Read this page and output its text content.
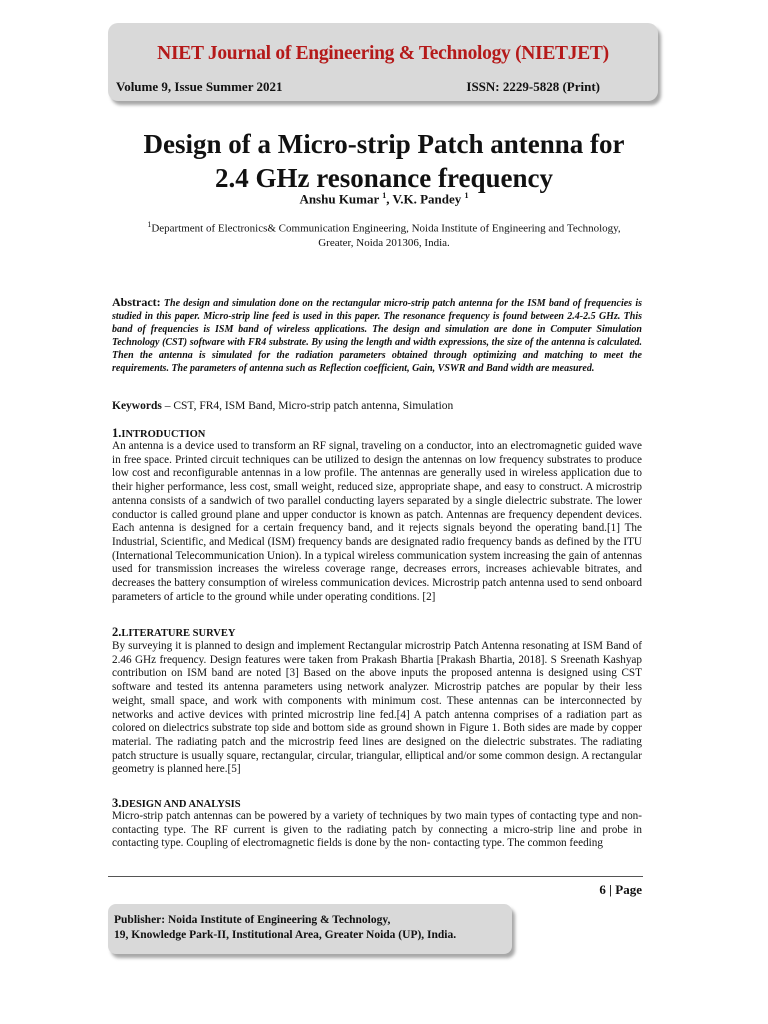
NIET Journal of Engineering & Technology (NIETJET)
Volume 9, Issue Summer 2021	ISSN: 2229-5828 (Print)
Design of a Micro-strip Patch antenna for
2.4 GHz resonance frequency
Anshu Kumar $^1$, V.K. Pandey $^1$
$^1$Department of Electronics& Communication Engineering, Noida Institute of Engineering and Technology,
Greater, Noida 201306, India.
Abstract: The design and simulation done on the rectangular micro-strip patch antenna for the ISM band of frequencies is studied in this paper. Micro-strip line feed is used in this paper. The resonance frequency is found between 2.4-2.5 GHz. This band of frequencies is ISM band of wireless applications. The design and simulation are done in Computer Simulation Technology (CST) software with FR4 substrate. By using the length and width expressions, the size of the antenna is calculated. Then the antenna is simulated for the radiation parameters obtained through optimizing and matching to meet the requirements. The parameters of antenna such as Reflection coefficient, Gain, VSWR and Band width are measured.
Keywords – CST, FR4, ISM Band, Micro-strip patch antenna, Simulation
1.INTRODUCTION
An antenna is a device used to transform an RF signal, traveling on a conductor, into an electromagnetic guided wave in free space. Printed circuit techniques can be utilized to design the antennas on low frequency substrates to produce low cost and reconfigurable antennas in a low profile. The antennas are generally used in wireless application due to their higher performance, less cost, small weight, reduced size, appropriate shape, and easy to construct. A microstrip antenna consists of a sandwich of two parallel conducting layers separated by a single dielectric substrate. The lower conductor is called ground plane and upper conductor is known as patch. Antennas are frequency dependent devices. Each antenna is designed for a certain frequency band, and it rejects signals beyond the operating band.[1] The Industrial, Scientific, and Medical (ISM) frequency bands are designated radio frequency bands as defined by the ITU (International Telecommunication Union). In a typical wireless communication system increasing the gain of antennas used for transmission increases the wireless coverage range, decreases errors, increases achievable bitrates, and decreases the battery consumption of wireless communication devices. Microstrip patch antenna used to send onboard parameters of article to the ground while under operating conditions. [2]
2.LITERATURE SURVEY
By surveying it is planned to design and implement Rectangular microstrip Patch Antenna resonating at ISM Band of 2.46 GHz frequency. Design features were taken from Prakash Bhartia [Prakash Bhartia, 2018]. S Sreenath Kashyap contribution on ISM band are noted [3] Based on the above inputs the proposed antenna is designed using CST software and tested its antenna parameters using network analyzer. Microstrip patches are popular by their less weight, small space, and work with components with minimum cost. These antennas can be interconnected by networks and active devices with printed microstrip line fed.[4] A patch antenna comprises of a radiation part as colored on dielectrics substrate top side and bottom side as ground shown in Figure 1. Both sides are made by copper material. The radiating patch and the microstrip feed lines are designed on the dielectric substrates. The radiating patch structure is usually square, rectangular, circular, triangular, elliptical and/or some common design. A rectangular geometry is planned here.[5]
3.DESIGN AND ANALYSIS
Micro-strip patch antennas can be powered by a variety of techniques by two main types of contacting type and non- contacting type. The RF current is given to the radiating patch by connecting a micro-strip line and probe in contacting type. Coupling of electromagnetic fields is done by the non- contacting type. The common feeding
6 | Page
Publisher: Noida Institute of Engineering & Technology,
19, Knowledge Park-II, Institutional Area, Greater Noida (UP), India.
